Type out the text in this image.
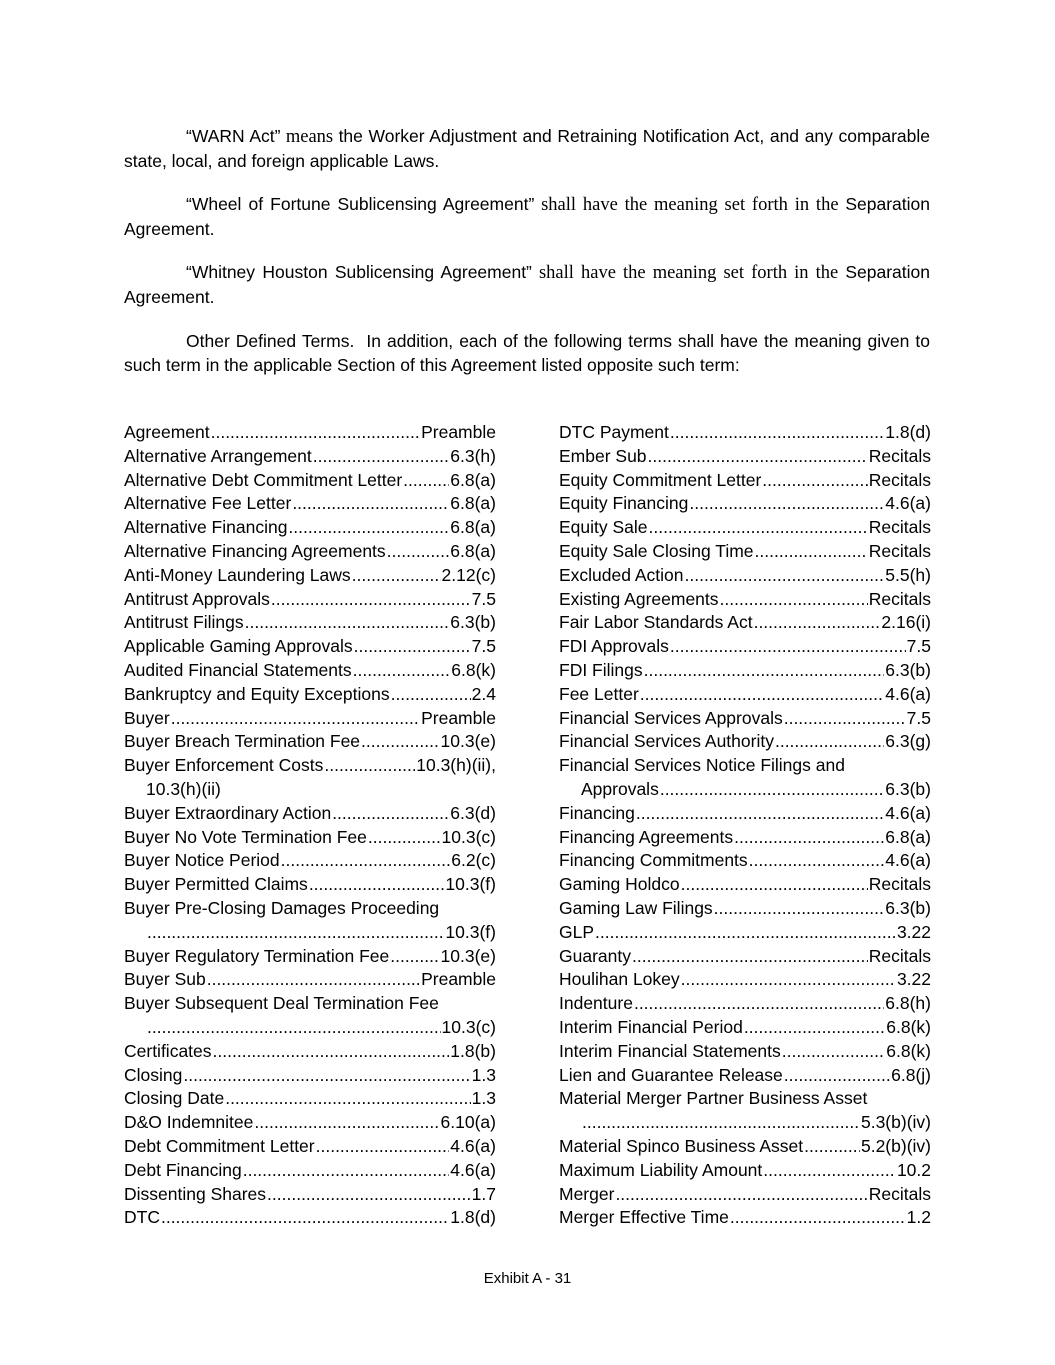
“WARN Act” means the Worker Adjustment and Retraining Notification Act, and any comparable state, local, and foreign applicable Laws.
“Wheel of Fortune Sublicensing Agreement” shall have the meaning set forth in the Separation Agreement.
“Whitney Houston Sublicensing Agreement” shall have the meaning set forth in the Separation Agreement.
Other Defined Terms.  In addition, each of the following terms shall have the meaning given to such term in the applicable Section of this Agreement listed opposite such term:
Agreement .....	Preamble
Alternative Arrangement .....	6.3(h)
Alternative Debt Commitment Letter .....	6.8(a)
Alternative Fee Letter .....	6.8(a)
Alternative Financing .....	6.8(a)
Alternative Financing Agreements .....	6.8(a)
Anti-Money Laundering Laws .....	2.12(c)
Antitrust Approvals .....	7.5
Antitrust Filings .....	6.3(b)
Applicable Gaming Approvals .....	7.5
Audited Financial Statements .....	6.8(k)
Bankruptcy and Equity Exceptions .....	2.4
Buyer .....	Preamble
Buyer Breach Termination Fee .....	10.3(e)
Buyer Enforcement Costs .....	10.3(h)(ii),
10.3(h)(ii)
Buyer Extraordinary Action .....	6.3(d)
Buyer No Vote Termination Fee .....	10.3(c)
Buyer Notice Period .....	6.2(c)
Buyer Permitted Claims .....	10.3(f)
Buyer Pre-Closing Damages Proceeding
.....
10.3(f)
Buyer Regulatory Termination Fee .....	10.3(e)
Buyer Sub .....	Preamble
Buyer Subsequent Deal Termination Fee
.....
10.3(c)
Certificates .....	1.8(b)
Closing .....	1.3
Closing Date .....	1.3
D&O Indemnitee .....	6.10(a)
Debt Commitment Letter .....	4.6(a)
Debt Financing .....	4.6(a)
Dissenting Shares .....	1.7
DTC .....	1.8(d)
DTC Payment .....	1.8(d)
Ember Sub .....	Recitals
Equity Commitment Letter .....	Recitals
Equity Financing .....	4.6(a)
Equity Sale .....	Recitals
Equity Sale Closing Time .....	Recitals
Excluded Action .....	5.5(h)
Existing Agreements .....	Recitals
Fair Labor Standards Act .....	2.16(i)
FDI Approvals .....	7.5
FDI Filings .....	6.3(b)
Fee Letter .....	4.6(a)
Financial Services Approvals .....	7.5
Financial Services Authority .....	6.3(g)
Financial Services Notice Filings and
Approvals .....	6.3(b)
Financing .....	4.6(a)
Financing Agreements .....	6.8(a)
Financing Commitments .....	4.6(a)
Gaming Holdco .....	Recitals
Gaming Law Filings .....	6.3(b)
GLP .....	3.22
Guaranty .....	Recitals
Houlihan Lokey .....	3.22
Indenture .....	6.8(h)
Interim Financial Period .....	6.8(k)
Interim Financial Statements .....	6.8(k)
Lien and Guarantee Release .....	6.8(j)
Material Merger Partner Business Asset
.....
5.3(b)(iv)
Material Spinco Business Asset .....	5.2(b)(iv)
Maximum Liability Amount .....	10.2
Merger .....	Recitals
Merger Effective Time .....	1.2
Exhibit A - 31
